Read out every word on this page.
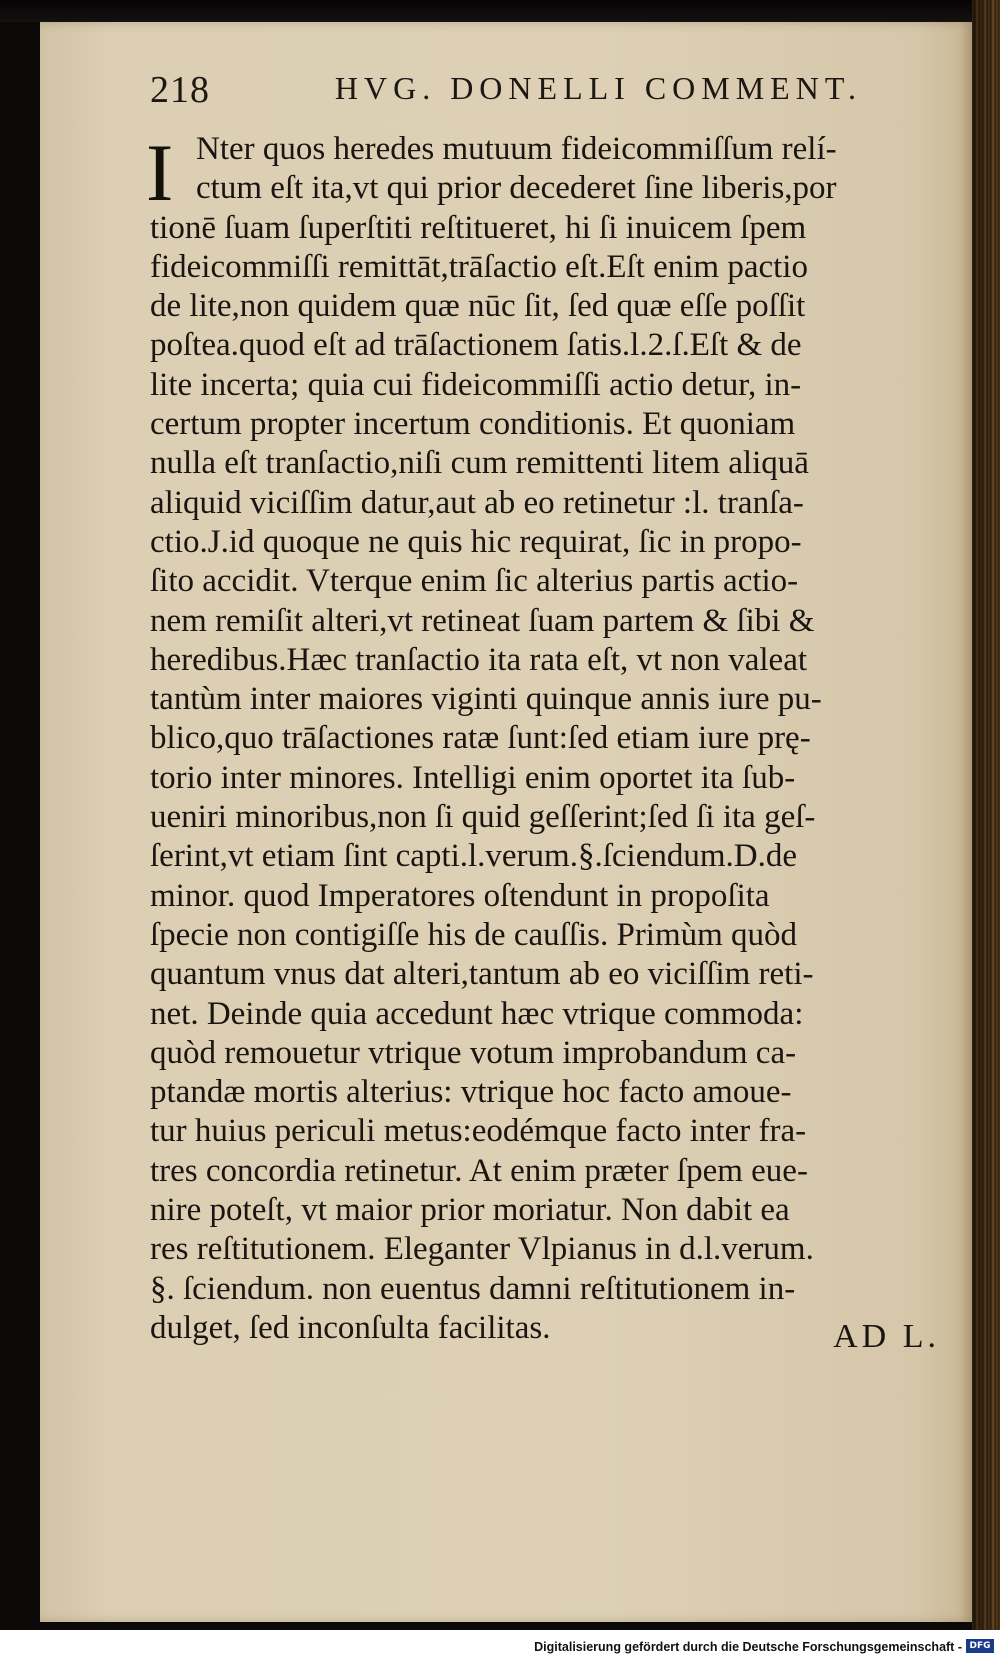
218	HVG. DONELLI COMMENT.
I Nter quos heredes mutuum fideicommiſſum relí-
ctum eſt ita,vt qui prior decederet ſine liberis,por
tionē ſuam ſuperſtiti reſtitueret, hi ſi inuicem ſpem
fideicommiſſi remittāt,trāſactio eſt.Eſt enim pactio
de lite,non quidem quæ nūc ſit, ſed quæ eſſe poſſit
poſtea.quod eſt ad trāſactionem ſatis.l.2.ſ.Eſt & de
lite incerta; quia cui fideicommiſſi actio detur, in-
certum propter incertum conditionis. Et quoniam
nulla eſt tranſactio,niſi cum remittenti litem aliquā
aliquid viciſſim datur,aut ab eo retinetur :l. tranſa-
ctio.J.id quoque ne quis hic requirat, ſic in propo-
ſito accidit. Vterque enim ſic alterius partis actio-
nem remiſit alteri,vt retineat ſuam partem & ſibi &
heredibus.Hæc tranſactio ita rata eſt, vt non valeat
tantùm inter maiores viginti quinque annis iure pu-
blico,quo trāſactiones ratæ ſunt:ſed etiam iure prę-
torio inter minores. Intelligi enim oportet ita ſub-
ueniri minoribus,non ſi quid geſſerint;ſed ſi ita geſ-
ſerint,vt etiam ſint capti.l.verum.§.ſciendum.D.de
minor. quod Imperatores oſtendunt in propoſita
ſpecie non contigiſſe his de cauſſis. Primùm quòd
quantum vnus dat alteri,tantum ab eo viciſſim reti-
net. Deinde quia accedunt hæc vtrique commoda:
quòd remouetur vtrique votum improbandum ca-
ptandæ mortis alterius: vtrique hoc facto amoue-
tur huius periculi metus:eodémque facto inter fra-
tres concordia retinetur. At enim præter ſpem eue-
nire poteſt, vt maior prior moriatur. Non dabit ea
res reſtitutionem. Eleganter Vlpianus in d.l.verum.
§. ſciendum. non euentus damni reſtitutionem in-
dulget, ſed inconſulta facilitas.	AD L.
Digitalisierung gefördert durch die Deutsche Forschungsgemeinschaft - DFG
